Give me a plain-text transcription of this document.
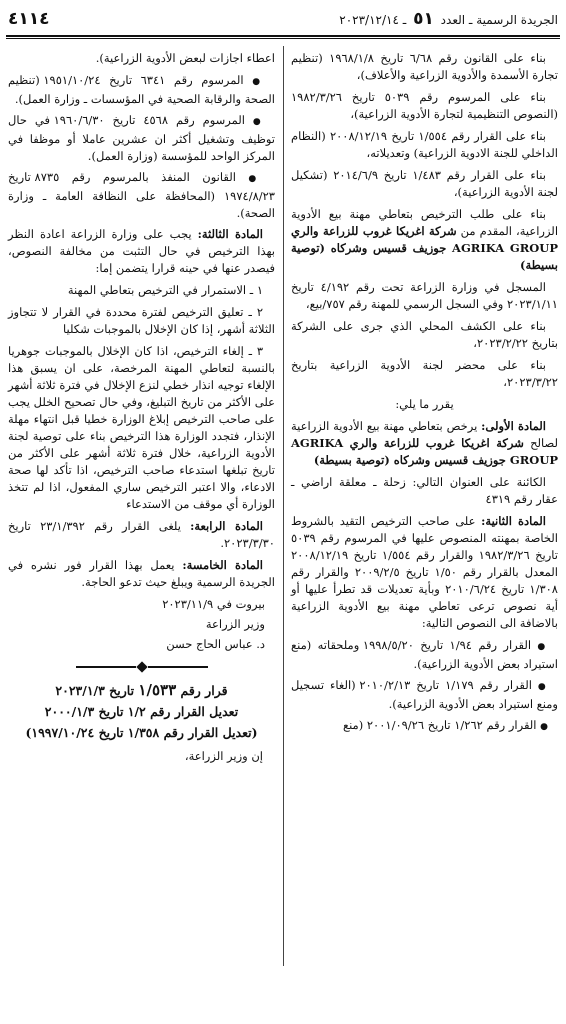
٤١١٤	الجريدة الرسمية ـ العدد ٥١ ـ ٢٠٢٣/١٢/١٤

بناء على القانون رقم ٦/٦٨ تاريخ ١٩٦٨/١/٨ (تنظيم تجارة الأسمدة والأدوية الزراعية والأعلاف)،

بناء على المرسوم رقم ٥٠٣٩ تاريخ ١٩٨٢/٣/٢٦ (النصوص التنظيمية لتجارة الأدوية الزراعية)،

بناء على القرار رقم ١/٥٥٤ تاريخ ٢٠٠٨/١٢/١٩ (النظام الداخلي للجنة الادوية الزراعية) وتعديلاته،

بناء على القرار رقم ١/٤٨٣ تاريخ ٢٠١٤/٦/٩ (تشكيل لجنة الأدوية الزراعية)،

بناء على طلب الترخيص بتعاطي مهنة بيع الأدوية الزراعية، المقدم من شركة اغريكا غروب للزراعة والري AGRIKA GROUP جوزيف قسيس وشركاه (توصية بسيطة)

المسجل في وزارة الزراعة تحت رقم ٤/١٩٢ تاريخ ٢٠٢٣/١/١١ وفي السجل الرسمي للمهنة رقم ٧٥٧/بيع،

بناء على الكشف المحلي الذي جرى على الشركة بتاريخ ٢٠٢٣/٢/٢٢،

بناء على محضر لجنة الأدوية الزراعية بتاريخ ٢٠٢٣/٣/٢٢،

يقرر ما يلي:

المادة الأولى: يرخص بتعاطي مهنة بيع الأدوية الزراعية لصالح شركة اغريكا غروب للزراعة والري AGRIKA GROUP جوزيف قسيس وشركاه (توصية بسيطة)

الكائنة على العنوان التالي: زحلة ـ معلقة اراضي ـ عقار رقم ٤٣١٩

المادة الثانية: على صاحب الترخيص التقيد بالشروط الخاصة بمهنته المنصوص عليها في المرسوم رقم ٥٠٣٩ تاريخ ١٩٨٢/٣/٢٦ والقرار رقم ١/٥٥٤ تاريخ ٢٠٠٨/١٢/١٩ المعدل بالقرار رقم ١/٥٠ تاريخ ٢٠٠٩/٢/٥ والقرار رقم ١/٣٠٨ تاريخ ٢٠١٠/٦/٢٤ وبأية تعديلات قد تطرأ عليها أو أية نصوص ترعى تعاطي مهنة بيع الأدوية الزراعية بالاضافة الى النصوص التالية:

● القرار رقم ١/٩٤ تاريخ ١٩٩٨/٥/٢٠ وملحقاته (منع استيراد بعض الأدوية الزراعية).
● القرار رقم ١/١٧٩ تاريخ ٢٠١٠/٢/١٣ (الغاء تسجيل ومنع استيراد بعض الأدوية الزراعية).
● القرار رقم ١/٢٦٢ تاريخ ٢٠٠١/٠٩/٢٦ (منع

اعطاء اجازات لبعض الأدوية الزراعية).

● المرسوم رقم ٦٣٤١ تاريخ ١٩٥١/١٠/٢٤ (تنظيم الصحة والرقابة الصحية في المؤسسات ـ وزارة العمل).
● المرسوم رقم ٤٥٦٨ تاريخ ١٩٦٠/٦/٣٠ في حال توظيف وتشغيل أكثر ان عشرين عاملا أو موظفا في المركز الواحد للمؤسسة (وزارة العمل).
● القانون المنفذ بالمرسوم رقم ٨٧٣٥ تاريخ ١٩٧٤/٨/٢٣ (المحافظة على النظافة العامة ـ وزارة الصحة).

المادة الثالثة: يجب على وزارة الزراعة اعادة النظر بهذا الترخيص في حال التثبت من مخالفة النصوص، فيصدر عنها في حينه قرارا يتضمن إما:

١ ـ الاستمرار في الترخيص بتعاطي المهنة

٢ ـ تعليق الترخيص لفترة محددة في القرار لا تتجاوز الثلاثة أشهر، إذا كان الإخلال بالموجبات شكليا

٣ ـ إلغاء الترخيص، اذا كان الإخلال بالموجبات جوهريا بالنسبة لتعاطي المهنة المرخصة، على ان يسبق هذا الإلغاء توجيه انذار خطي لنزع الإخلال في فترة ثلاثة أشهر على الأكثر من تاريخ التبليغ، وفي حال تصحيح الخلل يجب على صاحب الترخيص إبلاغ الوزارة خطيا قبل انتهاء مهلة الإنذار، فتجدد الوزارة هذا الترخيص بناء على توصية لجنة الأدوية الزراعية، خلال فترة ثلاثة أشهر على الأكثر من تاريخ تبلغها استدعاء صاحب الترخيص، اذا تأكد لها صحة الادعاء، والا اعتبر الترخيص ساري المفعول، اذا لم تتخذ الوزارة أي موقف من الاستدعاء

المادة الرابعة: يلغى القرار رقم ٢٣/١/٣٩٢ تاريخ ٢٠٢٣/٣/٣٠.

المادة الخامسة: يعمل بهذا القرار فور نشره في الجريدة الرسمية ويبلغ حيث تدعو الحاجة.

بيروت في ٢٠٢٣/١١/٩

وزير الزراعة

د. عباس الحاج حسن

قرار رقم ١/٥٣٣ تاريخ ٢٠٢٣/١/٣

تعديل القرار رقم ١/٢ تاريخ ٢٠٠٠/١/٣

(تعديل القرار رقم ١/٣٥٨ تاريخ ١٩٩٧/١٠/٢٤)

إن وزير الزراعة،
